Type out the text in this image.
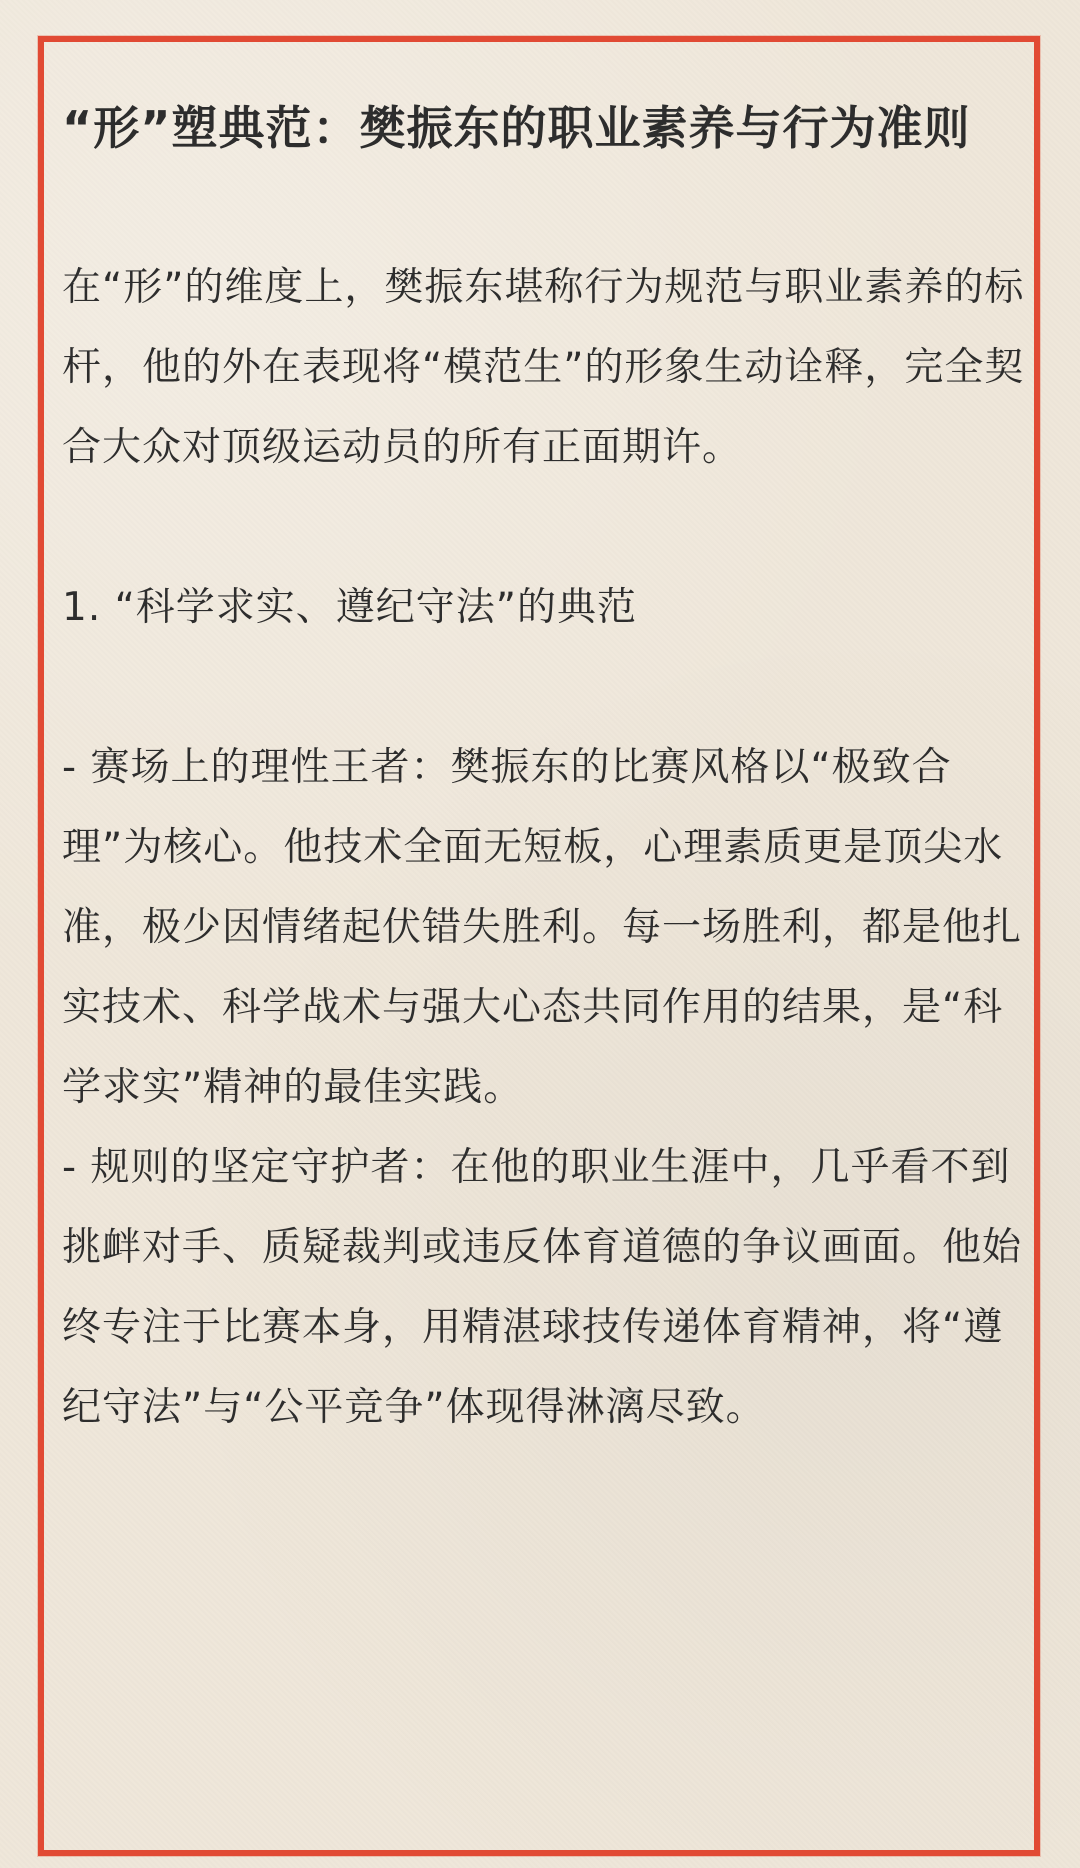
“形”塑典范：樊振东的职业素养与行为准则

在“形”的维度上，樊振东堪称行为规范与职业素养的标杆，他的外在表现将“模范生”的形象生动诠释，完全契合大众对顶级运动员的所有正面期许。

1. “科学求实、遵纪守法”的典范

- 赛场上的理性王者：樊振东的比赛风格以“极致合理”为核心。他技术全面无短板，心理素质更是顶尖水准，极少因情绪起伏错失胜利。每一场胜利，都是他扎实技术、科学战术与强大心态共同作用的结果，是“科学求实”精神的最佳实践。

- 规则的坚定守护者：在他的职业生涯中，几乎看不到挑衅对手、质疑裁判或违反体育道德的争议画面。他始终专注于比赛本身，用精湛球技传递体育精神，将“遵纪守法”与“公平竞争”体现得淋漓尽致。
